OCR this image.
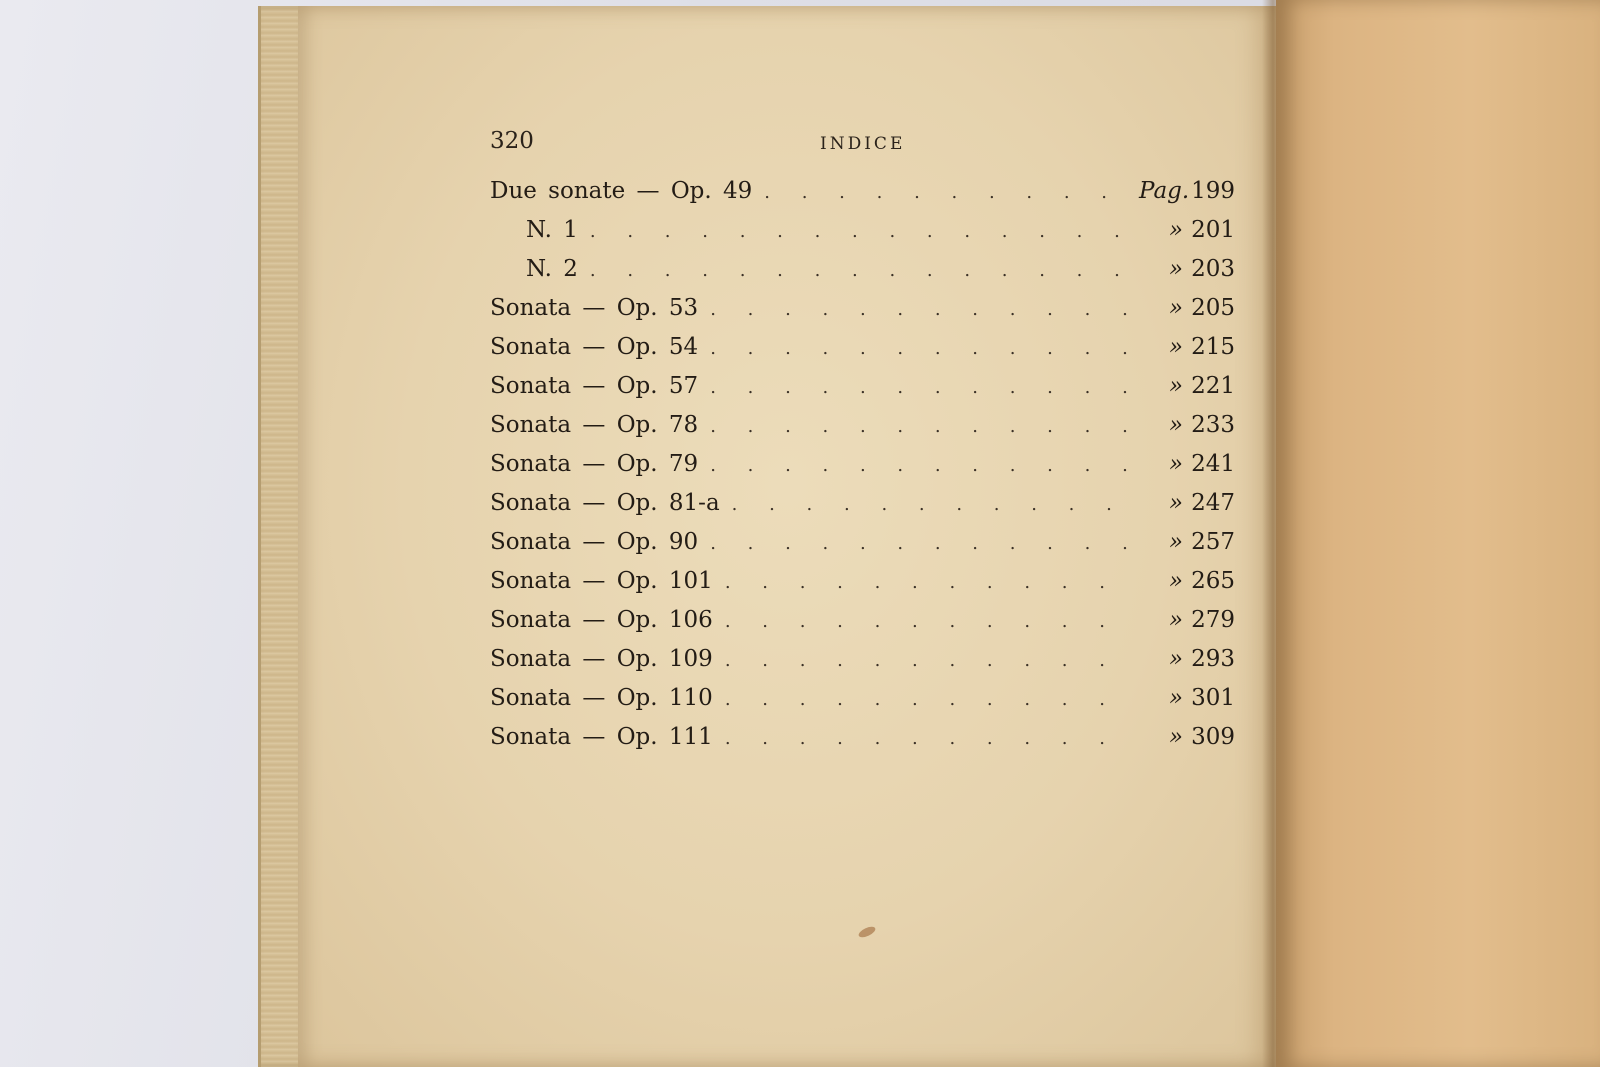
320	INDICE
Due sonate — Op. 49 . . .	Pag. 199
N. 1 . . .	» 201
N. 2 . . .	» 203
Sonata — Op. 53 . . .	» 205
Sonata — Op. 54 . . .	» 215
Sonata — Op. 57 . . .	» 221
Sonata — Op. 78 . . .	» 233
Sonata — Op. 79 . . .	» 241
Sonata — Op. 81-a . . .	» 247
Sonata — Op. 90 . . .	» 257
Sonata — Op. 101 . . .	» 265
Sonata — Op. 106 . . .	» 279
Sonata — Op. 109 . . .	» 293
Sonata — Op. 110 . . .	» 301
Sonata — Op. 111 . . .	» 309
